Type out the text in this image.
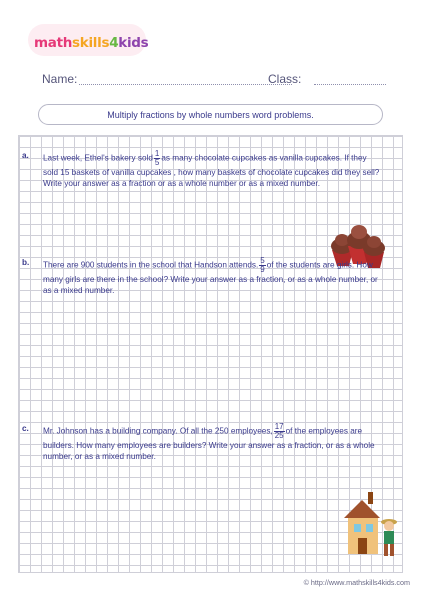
mathskills4kids
Name:	Class:
Multiply fractions by whole numbers word problems.
a. Last week, Ethel's bakery sold $\frac{1}{5}$ as many chocolate cupcakes as vanilla cupcakes. If they sold 15 baskets of vanilla cupcakes , how many baskets of chocolate cupcakes did they sell? Write your answer as a fraction or as a whole number or as a mixed number.
b. There are 900 students in the school that Handson attends. $\frac{5}{9}$ of the students are girls. How many girls are there in the school? Write your answer as a fraction, or as a whole number, or as a mixed number.
c. Mr. Johnson has a building company. Of all the 250 employees, $\frac{17}{25}$ of the employees are builders. How many employees are builders? Write your answer as a fraction, or as a whole number, or as a mixed number.
© http://www.mathskills4kids.com
